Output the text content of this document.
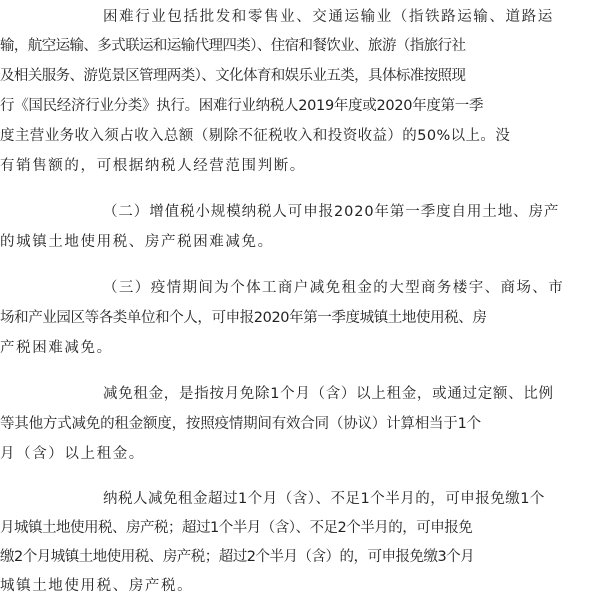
困难行业包括批发和零售业、交通运输业（指铁路运输、道路运
输，航空运输、多式联运和运输代理四类）、住宿和餐饮业、旅游（指旅行社
及相关服务、游览景区管理两类）、文化体育和娱乐业五类，具体标准按照现
行《国民经济行业分类》执行。困难行业纳税人2019年度或2020年度第一季
度主营业务收入须占收入总额（剔除不征税收入和投资收益）的50%以上。没
有销售额的，可根据纳税人经营范围判断。
（二）增值税小规模纳税人可申报2020年第一季度自用土地、房产
的城镇土地使用税、房产税困难减免。
（三）疫情期间为个体工商户减免租金的大型商务楼宇、商场、市
场和产业园区等各类单位和个人，可申报2020年第一季度城镇土地使用税、房
产税困难减免。
减免租金，是指按月免除1个月（含）以上租金，或通过定额、比例
等其他方式减免的租金额度，按照疫情期间有效合同（协议）计算相当于1个
月（含）以上租金。
纳税人减免租金超过1个月（含）、不足1个半月的，可申报免缴1个
月城镇土地使用税、房产税；超过1个半月（含）、不足2个半月的，可申报免
缴2个月城镇土地使用税、房产税；超过2个半月（含）的，可申报免缴3个月
城镇土地使用税、房产税。
